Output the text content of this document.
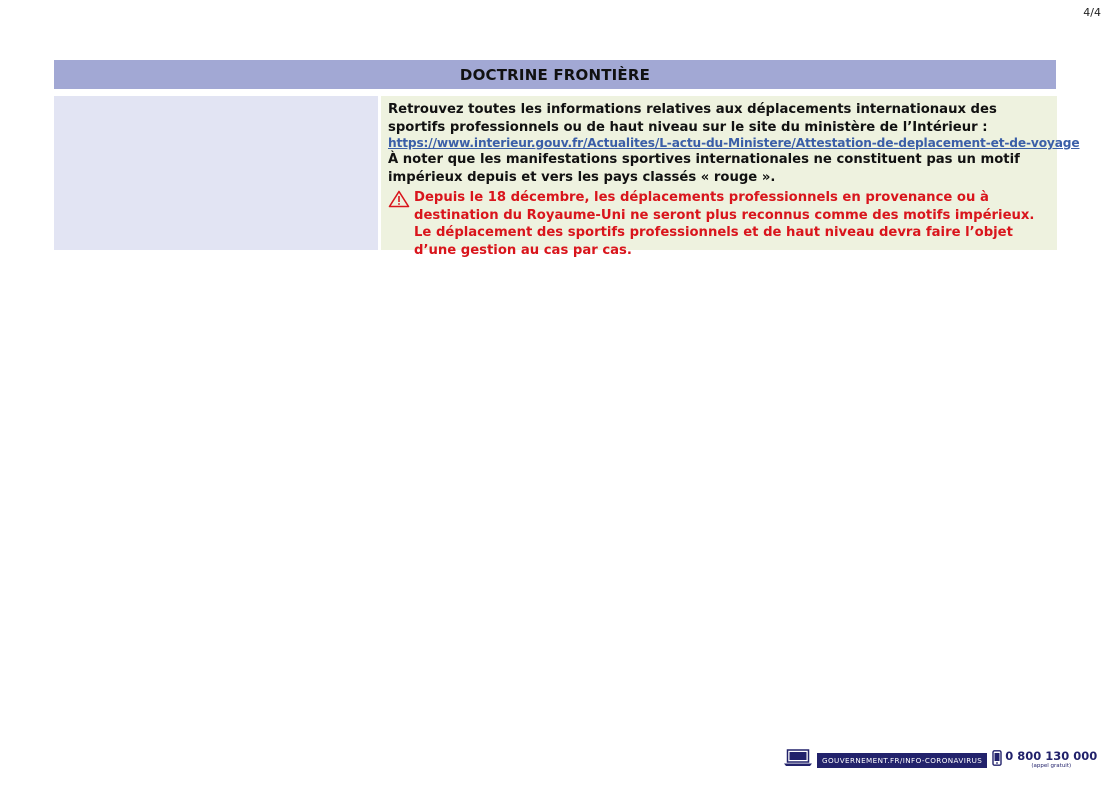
4/4
DOCTRINE FRONTIÈRE

Retrouvez toutes les informations relatives aux déplacements internationaux des sportifs professionnels ou de haut niveau sur le site du ministère de l’Intérieur :

https://www.interieur.gouv.fr/Actualites/L-actu-du-Ministere/Attestation-de-deplacement-et-de-voyage

À noter que les manifestations sportives internationales ne constituent pas un motif impérieux depuis et vers les pays classés « rouge ».

Depuis le 18 décembre, les déplacements professionnels en provenance ou à destination du Royaume-Uni ne seront plus reconnus comme des motifs impérieux. Le déplacement des sportifs professionnels et de haut niveau devra faire l’objet d’une gestion au cas par cas.
GOUVERNEMENT.FR/INFO-CORONAVIRUS	0 800 130 000
(appel gratuit)
